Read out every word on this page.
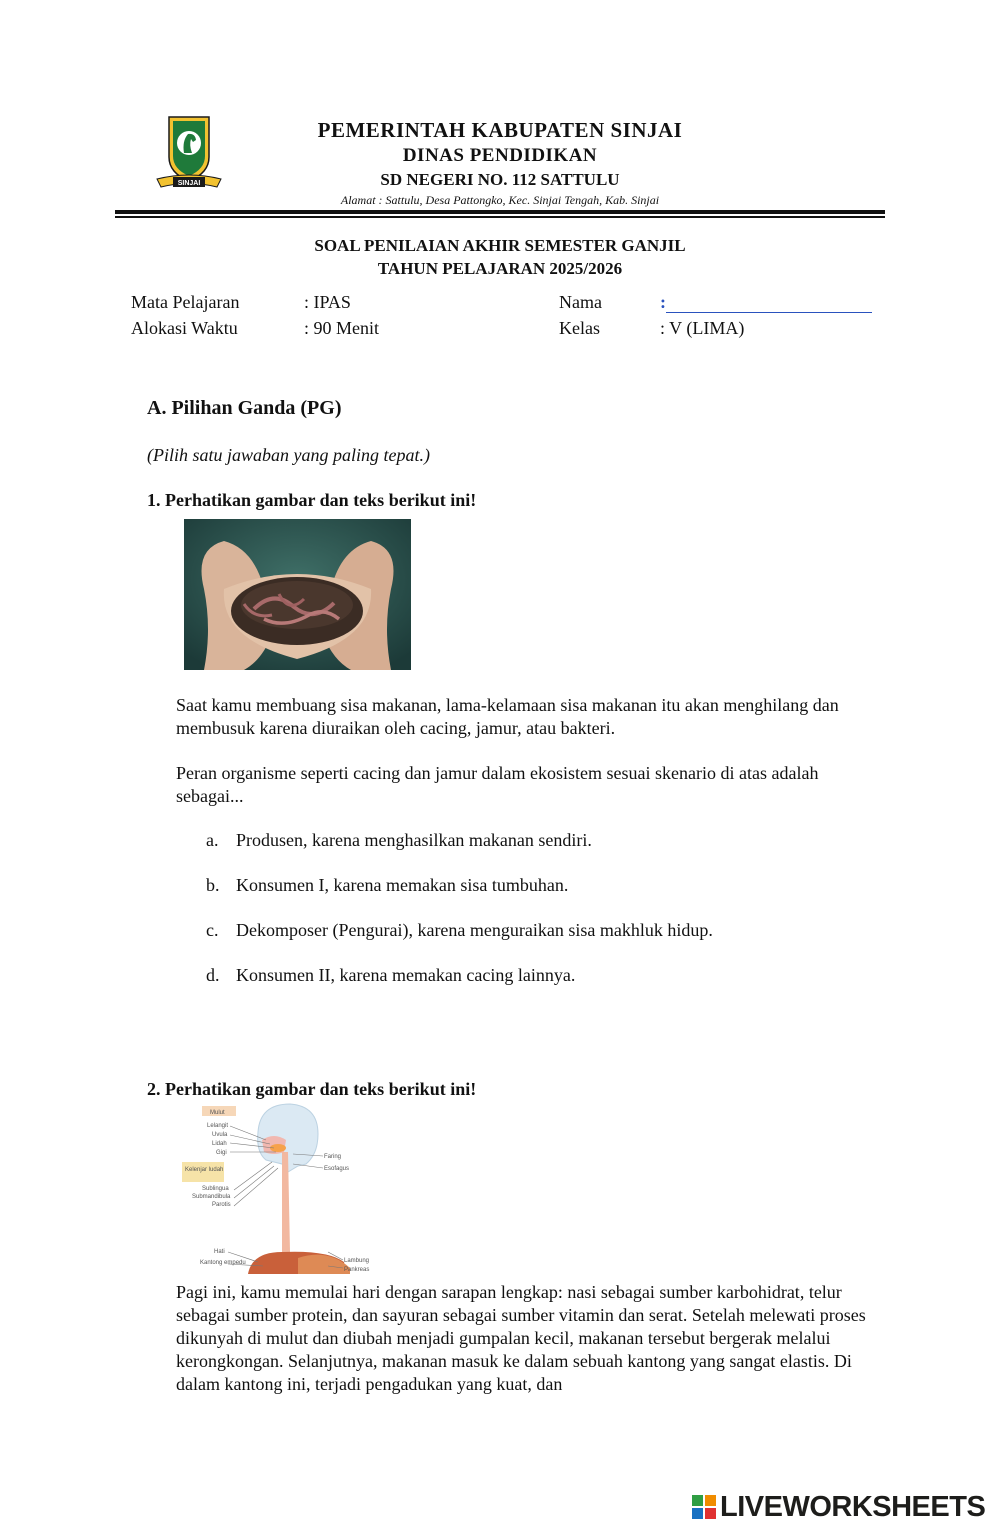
SINJAI
PEMERINTAH KABUPATEN SINJAI
DINAS PENDIDIKAN
SD NEGERI NO. 112 SATTULU
Alamat : Sattulu, Desa Pattongko, Kec. Sinjai Tengah, Kab. Sinjai
SOAL PENILAIAN AKHIR SEMESTER GANJIL
TAHUN PELAJARAN 2025/2026
Mata Pelajaran	: IPAS	Nama	:
Alokasi Waktu	: 90 Menit	Kelas	: V (LIMA)
A. Pilihan Ganda (PG)
(Pilih satu jawaban yang paling tepat.)
1. Perhatikan gambar dan teks berikut ini!
Saat kamu membuang sisa makanan, lama-kelamaan sisa makanan itu akan menghilang dan membusuk karena diuraikan oleh cacing, jamur, atau bakteri.
Peran organisme seperti cacing dan jamur dalam ekosistem sesuai skenario di atas adalah sebagai...
a. Produsen, karena menghasilkan makanan sendiri.
b. Konsumen I, karena memakan sisa tumbuhan.
c. Dekomposer (Pengurai), karena menguraikan sisa makhluk hidup.
d. Konsumen II, karena memakan cacing lainnya.
2. Perhatikan gambar dan teks berikut ini!
Mulut
Lelangit
Uvula
Lidah
Gigi
Kelenjar ludah
Sublingua
Submandibula
Parotis
Faring
Esofagus
Hati
Kantong empedu	Lambung
Pankreas
Pagi ini, kamu memulai hari dengan sarapan lengkap: nasi sebagai sumber karbohidrat, telur sebagai sumber protein, dan sayuran sebagai sumber vitamin dan serat. Setelah melewati proses dikunyah di mulut dan diubah menjadi gumpalan kecil, makanan tersebut bergerak melalui kerongkongan. Selanjutnya, makanan masuk ke dalam sebuah kantong yang sangat elastis. Di dalam kantong ini, terjadi pengadukan yang kuat, dan
LIVEWORKSHEETS
